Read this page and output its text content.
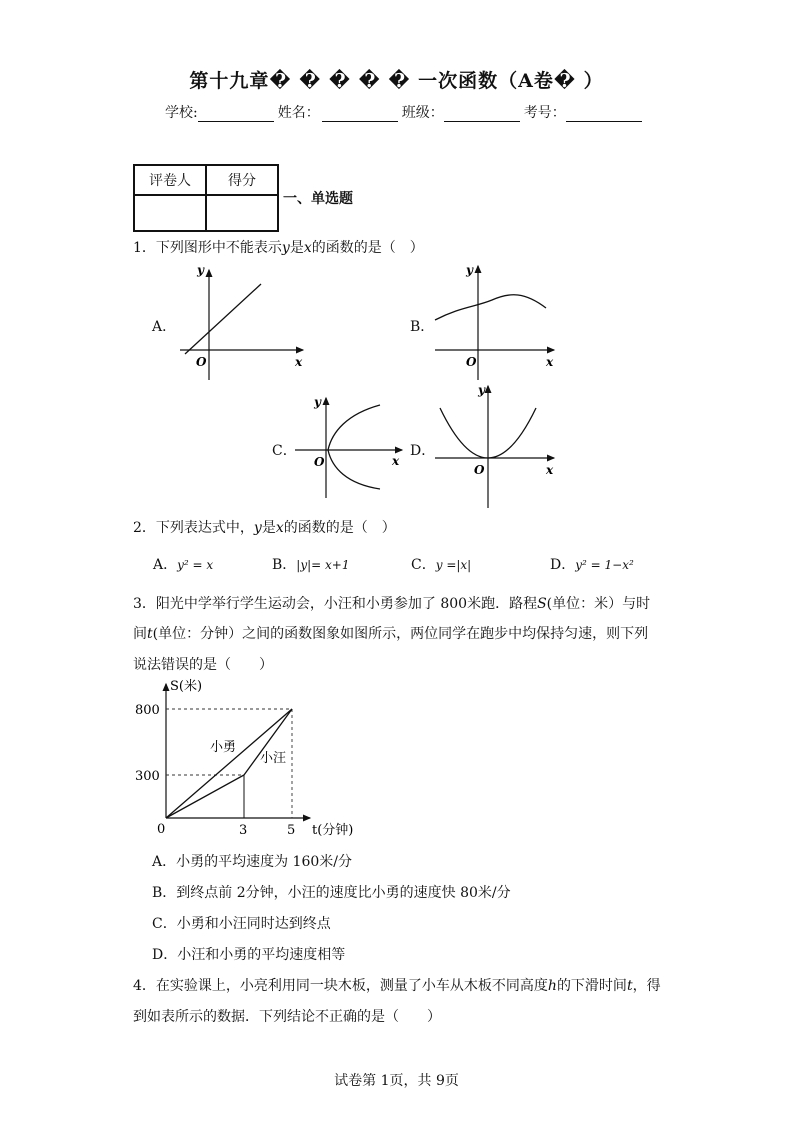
第十九章� � � � � 一次函数（A卷� ）
学校:	姓名：	班级：	考号：
评卷人	得分

一、单选题
1．下列图形中不能表示y是x的函数的是（　）
A．
y
x
O
B．
y
x
O
C．
y
x
O
D．
y
x
O
2．下列表达式中，y是x的函数的是（　）
A．y² = x	B．|y|= x+1	C．y =|x|	D．y² = 1−x²
3．阳光中学举行学生运动会，小汪和小勇参加了 800米跑．路程S(单位：米）与时
间t(单位：分钟）之间的函数图象如图所示，两位同学在跑步中均保持匀速，则下列
说法错误的是（　　）
S(米)
t(分钟)
800
300
3	5
0
小勇
小汪
A．小勇的平均速度为 160米/分
B．到终点前 2分钟，小汪的速度比小勇的速度快 80米/分
C．小勇和小汪同时达到终点
D．小汪和小勇的平均速度相等
4．在实验课上，小亮利用同一块木板，测量了小车从木板不同高度h的下滑时间t，得
到如表所示的数据．下列结论不正确的是（　　）
试卷第 1页，共 9页
